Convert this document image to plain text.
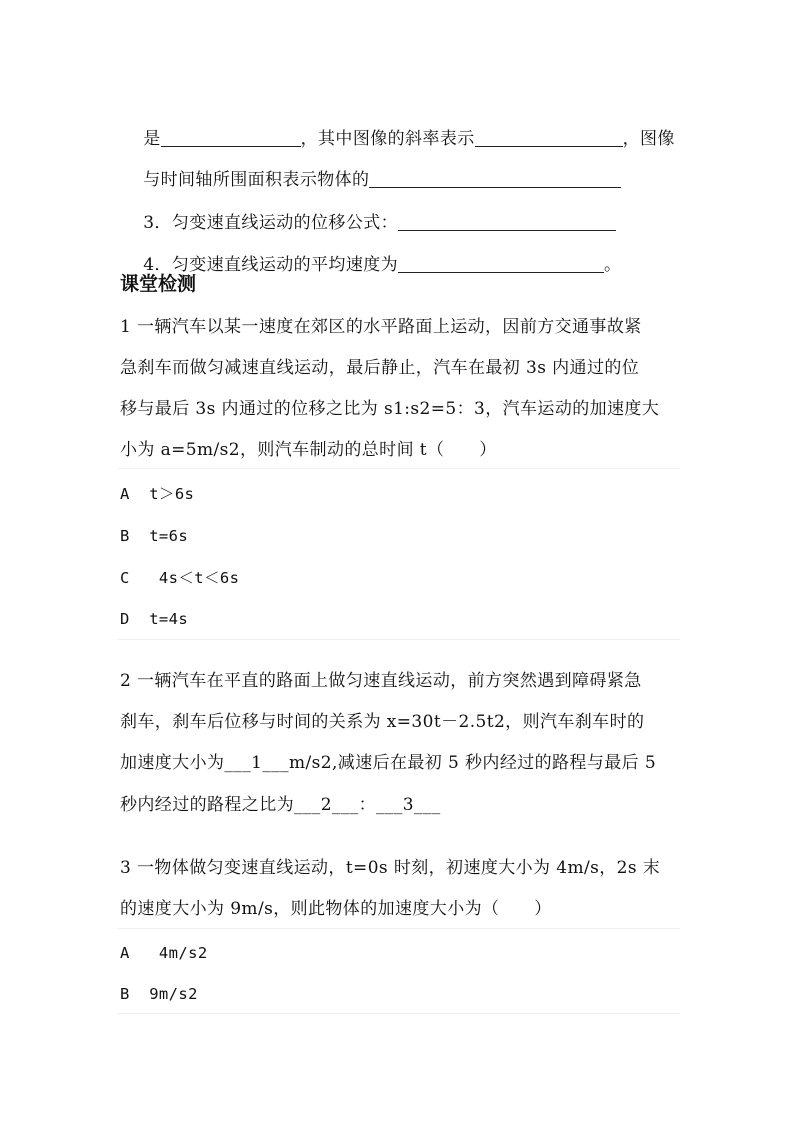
是	，其中图像的斜率表示	，图像

与时间轴所围面积表示物体的

3．匀变速直线运动的位移公式：

4．匀变速直线运动的平均速度为	。

课堂检测
1 一辆汽车以某一速度在郊区的水平路面上运动，因前方交通事故紧
急刹车而做匀减速直线运动，最后静止，汽车在最初 3s 内通过的位
移与最后 3s 内通过的位移之比为 s1:s2=5：3，汽车运动的加速度大
小为 a=5m/s2，则汽车制动的总时间 t（　　）
A  t＞6s
B  t=6s
C   4s＜t＜6s
D  t=4s
2 一辆汽车在平直的路面上做匀速直线运动，前方突然遇到障碍紧急
刹车，刹车后位移与时间的关系为 x=30t－2.5t2，则汽车刹车时的
加速度大小为___1___m/s2,减速后在最初 5 秒内经过的路程与最后 5
秒内经过的路程之比为___2___：___3___
3 一物体做匀变速直线运动，t=0s 时刻，初速度大小为 4m/s，2s 末
的速度大小为 9m/s，则此物体的加速度大小为（　　）
A   4m/s2
B  9m/s2
